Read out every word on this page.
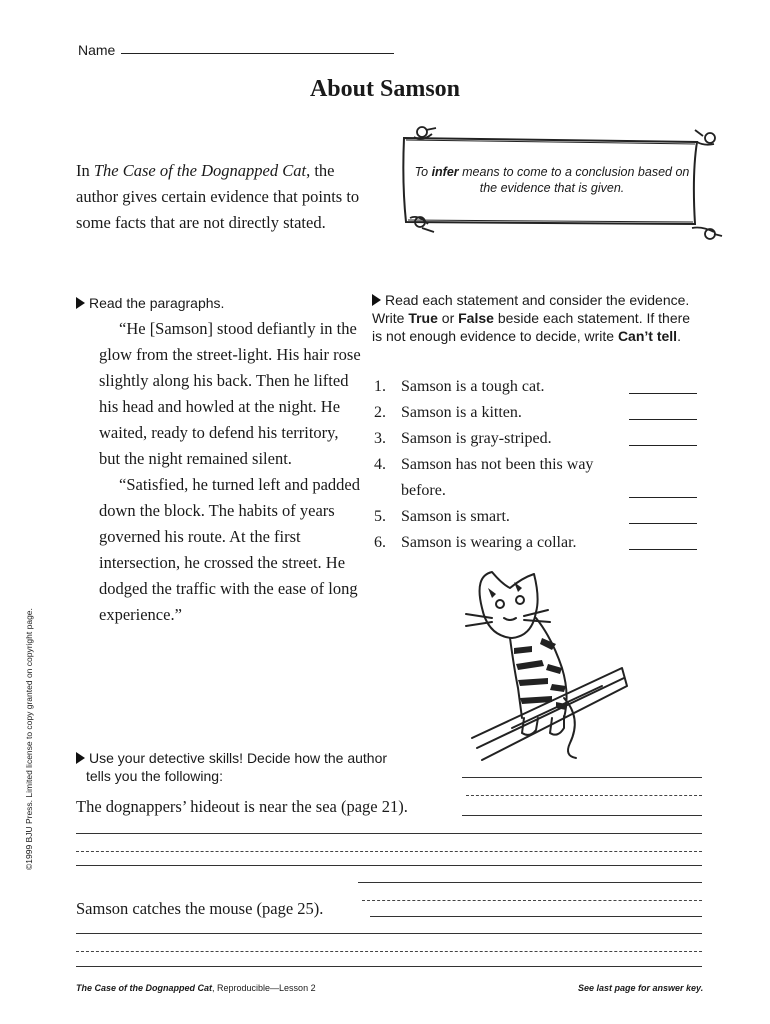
Name
About Samson
In The Case of the Dognapped Cat, the author gives certain evidence that points to some facts that are not directly stated.
To infer means to come to a conclusion based on the evidence that is given.
Read the paragraphs.

“He [Samson] stood defiantly in the glow from the street-light. His hair rose slightly along his back. Then he lifted his head and howled at the night. He waited, ready to defend his territory, but the night remained silent.

“Satisfied, he turned left and padded down the block. The habits of years governed his route. At the first intersection, he crossed the street. He dodged the traffic with the ease of long experience.”

Read each statement and consider the evidence. Write True or False beside each statement. If there is not enough evidence to decide, write Can’t tell.
1. Samson is a tough cat.
2. Samson is a kitten.
3. Samson is gray-striped.
4. Samson has not been this way before.
5. Samson is smart.
6. Samson is wearing a collar.
Use your detective skills! Decide how the author
tells you the following:
The dognappers’ hideout is near the sea (page 21).
Samson catches the mouse (page 25).
©1999 BJU Press. Limited license to copy granted on copyright page.
The Case of the Dognapped Cat, Reproducible—Lesson 2	See last page for answer key.
